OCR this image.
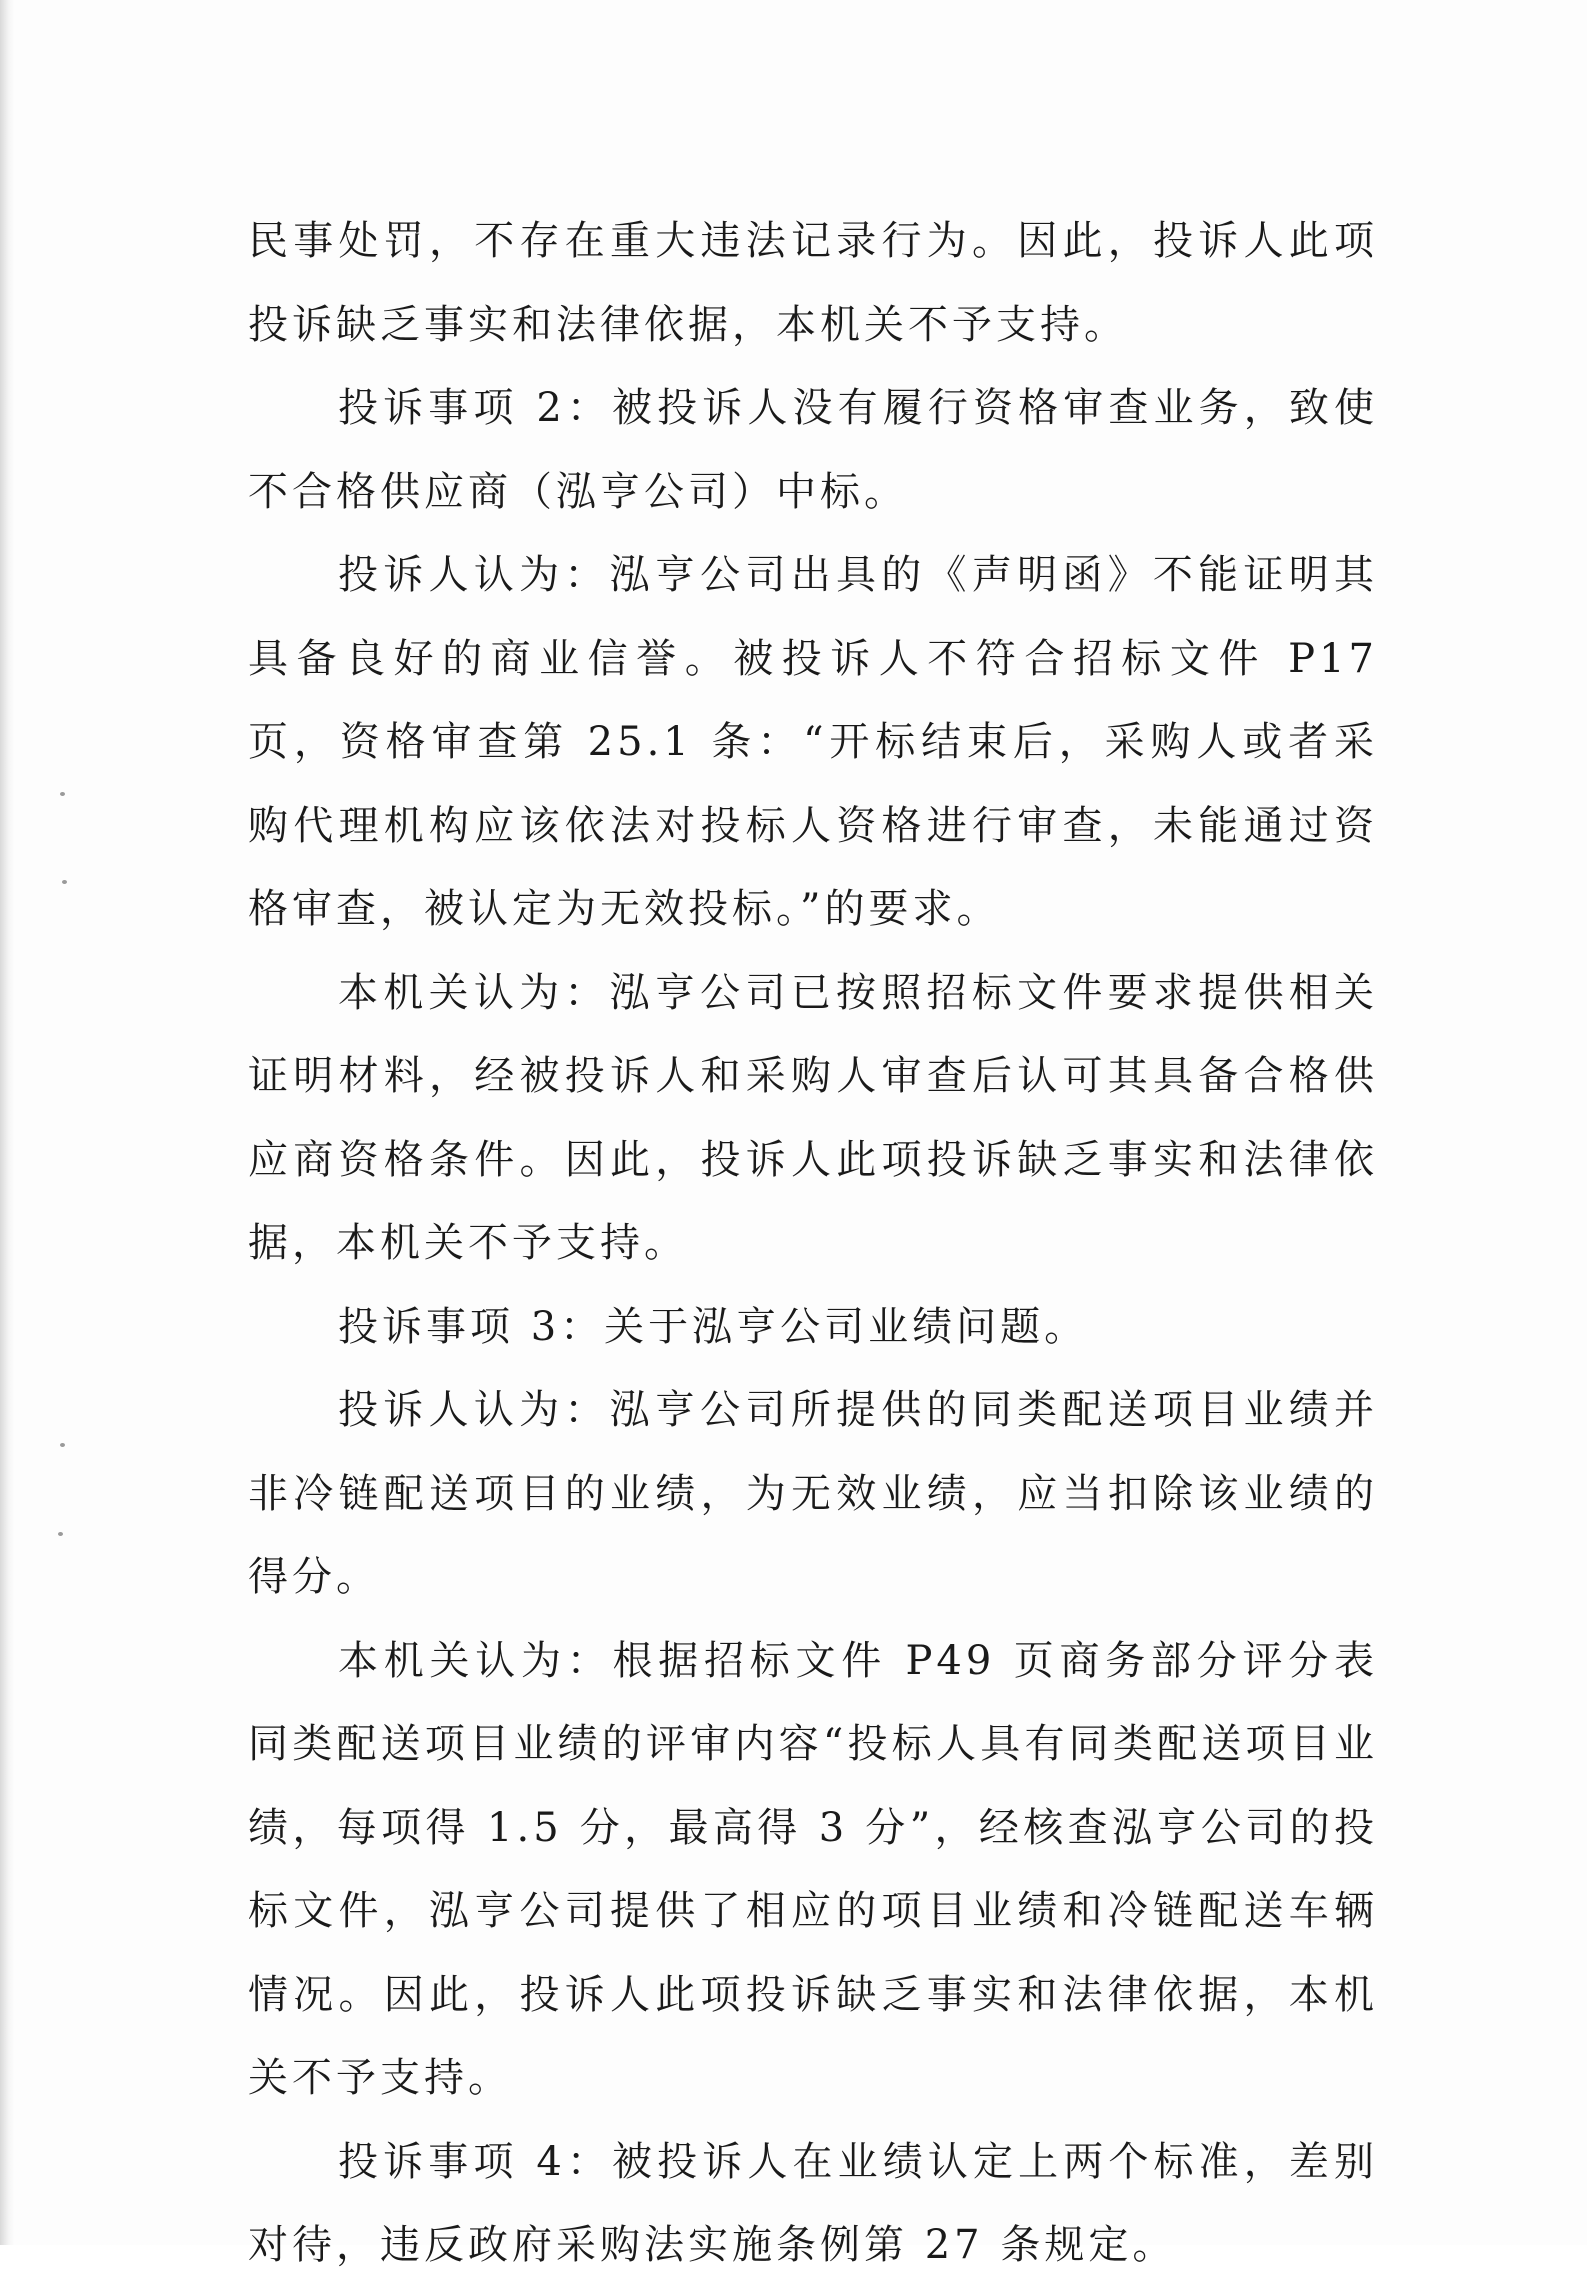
民事处罚，不存在重大违法记录行为。因此，投诉人此项投诉缺乏事实和法律依据，本机关不予支持。

投诉事项 2：被投诉人没有履行资格审查业务，致使不合格供应商（泓亨公司）中标。

投诉人认为：泓亨公司出具的《声明函》不能证明其具备良好的商业信誉。被投诉人不符合招标文件 P17 页，资格审查第 25.1 条：“开标结束后，采购人或者采购代理机构应该依法对投标人资格进行审查，未能通过资格审查，被认定为无效投标。”的要求。

本机关认为：泓亨公司已按照招标文件要求提供相关证明材料，经被投诉人和采购人审查后认可其具备合格供应商资格条件。因此，投诉人此项投诉缺乏事实和法律依据，本机关不予支持。

投诉事项 3：关于泓亨公司业绩问题。

投诉人认为：泓亨公司所提供的同类配送项目业绩并非冷链配送项目的业绩，为无效业绩，应当扣除该业绩的得分。

本机关认为：根据招标文件 P49 页商务部分评分表同类配送项目业绩的评审内容“投标人具有同类配送项目业绩，每项得 1.5 分，最高得 3 分”，经核查泓亨公司的投标文件，泓亨公司提供了相应的项目业绩和冷链配送车辆情况。因此，投诉人此项投诉缺乏事实和法律依据，本机关不予支持。

投诉事项 4：被投诉人在业绩认定上两个标准，差别对待，违反政府采购法实施条例第 27 条规定。
